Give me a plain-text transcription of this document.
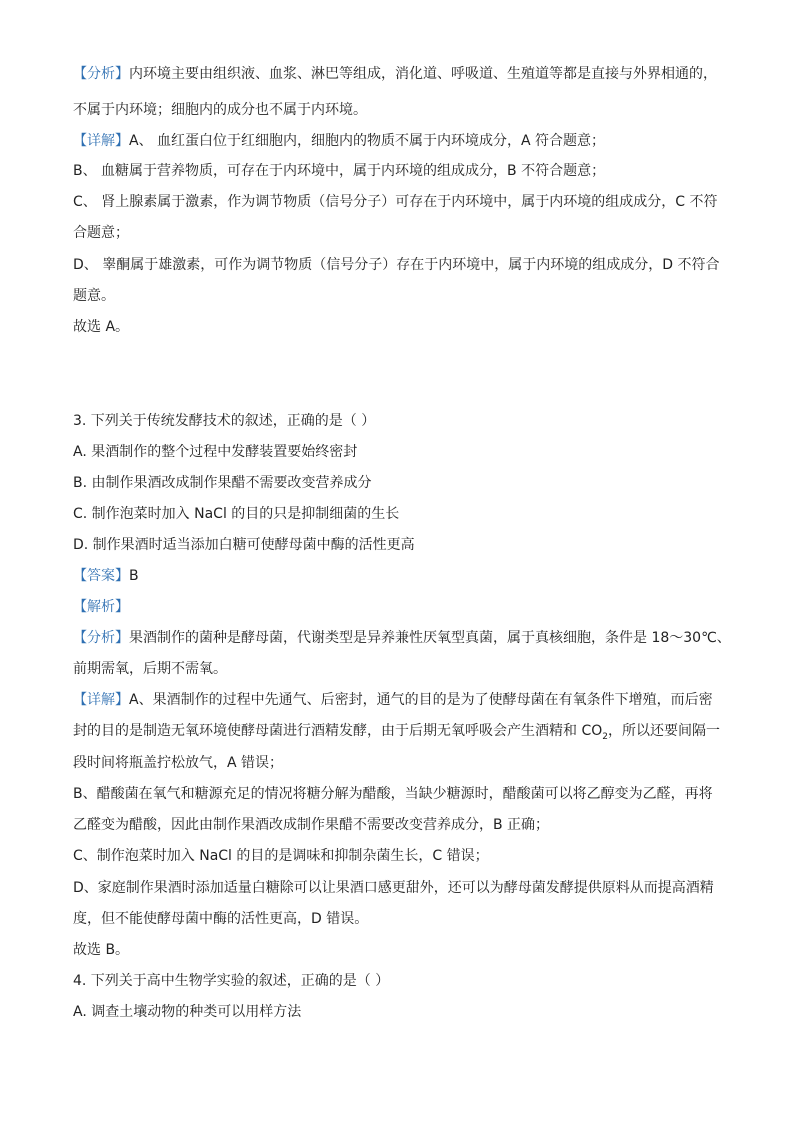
【分析】内环境主要由组织液、血浆、淋巴等组成，消化道、呼吸道、生殖道等都是直接与外界相通的，
不属于内环境；细胞内的成分也不属于内环境。
【详解】A、 血红蛋白位于红细胞内，细胞内的物质不属于内环境成分，A 符合题意；
B、 血糖属于营养物质，可存在于内环境中，属于内环境的组成成分，B 不符合题意；
C、 肾上腺素属于激素，作为调节物质（信号分子）可存在于内环境中，属于内环境的组成成分，C 不符
合题意；
D、 睾酮属于雄激素，可作为调节物质（信号分子）存在于内环境中，属于内环境的组成成分，D 不符合
题意。
故选 A。
3. 下列关于传统发酵技术的叙述，正确的是（ ）
A. 果酒制作的整个过程中发酵装置要始终密封
B. 由制作果酒改成制作果醋不需要改变营养成分
C. 制作泡菜时加入 NaCl 的目的只是抑制细菌的生长
D. 制作果酒时适当添加白糖可使酵母菌中酶的活性更高
【答案】B
【解析】
【分析】果酒制作的菌种是酵母菌，代谢类型是异养兼性厌氧型真菌，属于真核细胞，条件是 18～30℃、
前期需氧，后期不需氧。
【详解】A、果酒制作的过程中先通气、后密封，通气的目的是为了使酵母菌在有氧条件下增殖，而后密
封的目的是制造无氧环境使酵母菌进行酒精发酵，由于后期无氧呼吸会产生酒精和 $CO_2$，所以还要间隔一
段时间将瓶盖拧松放气，A 错误；
B、醋酸菌在氧气和糖源充足的情况将糖分解为醋酸，当缺少糖源时，醋酸菌可以将乙醇变为乙醛，再将
乙醛变为醋酸，因此由制作果酒改成制作果醋不需要改变营养成分，B 正确；
C、制作泡菜时加入 NaCl 的目的是调味和抑制杂菌生长，C 错误；
D、家庭制作果酒时添加适量白糖除可以让果酒口感更甜外，还可以为酵母菌发酵提供原料从而提高酒精
度，但不能使酵母菌中酶的活性更高，D 错误。
故选 B。
4. 下列关于高中生物学实验的叙述，正确的是（ ）
A. 调查土壤动物的种类可以用样方法
